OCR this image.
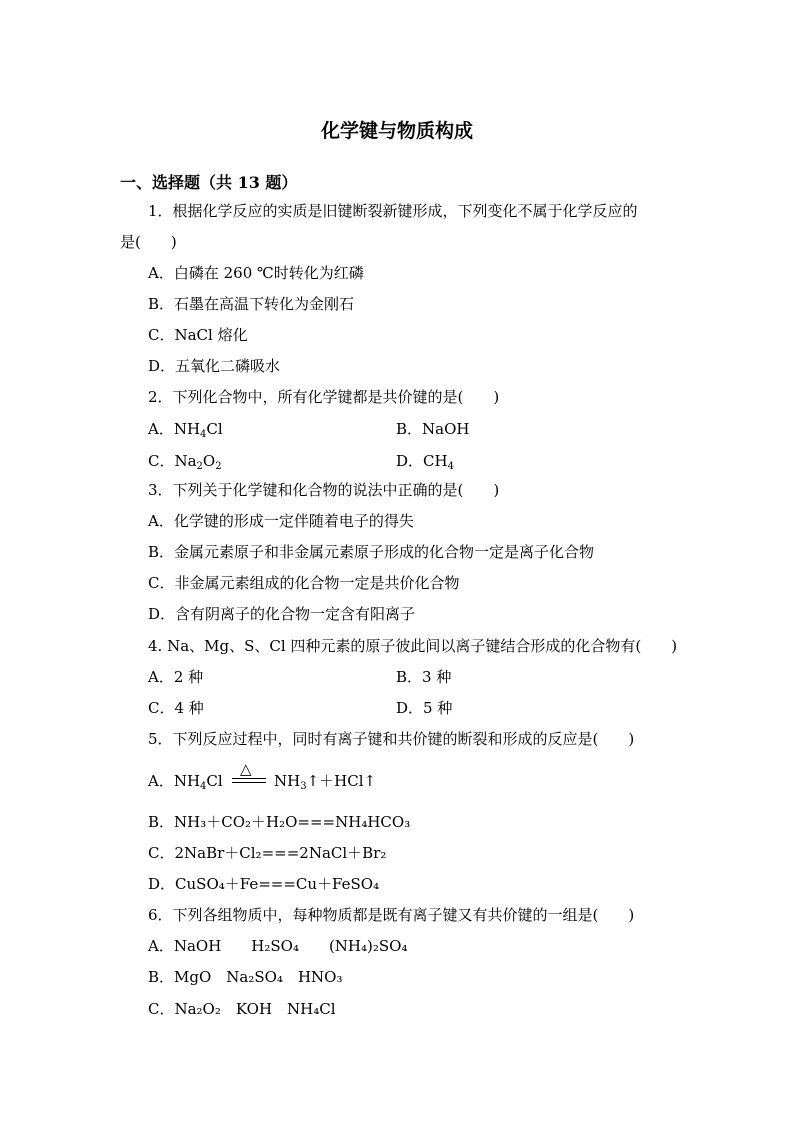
化学键与物质构成
一、选择题（共 13 题）
1．根据化学反应的实质是旧键断裂新键形成，下列变化不属于化学反应的
是(　　)
A．白磷在 260 ℃时转化为红磷
B．石墨在高温下转化为金刚石
C．NaCl 熔化
D．五氧化二磷吸水
2．下列化合物中，所有化学键都是共价键的是(　　)
A．$NH_4Cl$	B．NaOH
C．$Na_2O_2$	D．$CH_4$
3．下列关于化学键和化合物的说法中正确的是(　　)
A．化学键的形成一定伴随着电子的得失
B．金属元素原子和非金属元素原子形成的化合物一定是离子化合物
C．非金属元素组成的化合物一定是共价化合物
D．含有阴离子的化合物一定含有阳离子
4. Na、Mg、S、Cl 四种元素的原子彼此间以离子键结合形成的化合物有(　　)
A．2 种	B．3 种
C．4 种	D．5 种
5．下列反应过程中，同时有离子键和共价键的断裂和形成的反应是(　　)
△
A．$NH_4Cl$	$NH_3↑+HCl↑$
B．NH₃＋CO₂＋H₂O===NH₄HCO₃
C．2NaBr＋Cl₂===2NaCl＋Br₂
D．CuSO₄＋Fe===Cu＋FeSO₄
6．下列各组物质中，每种物质都是既有离子键又有共价键的一组是(　　)
A．NaOH　　H₂SO₄　　(NH₄)₂SO₄
B．MgO　Na₂SO₄　HNO₃
C．Na₂O₂　KOH　NH₄Cl
